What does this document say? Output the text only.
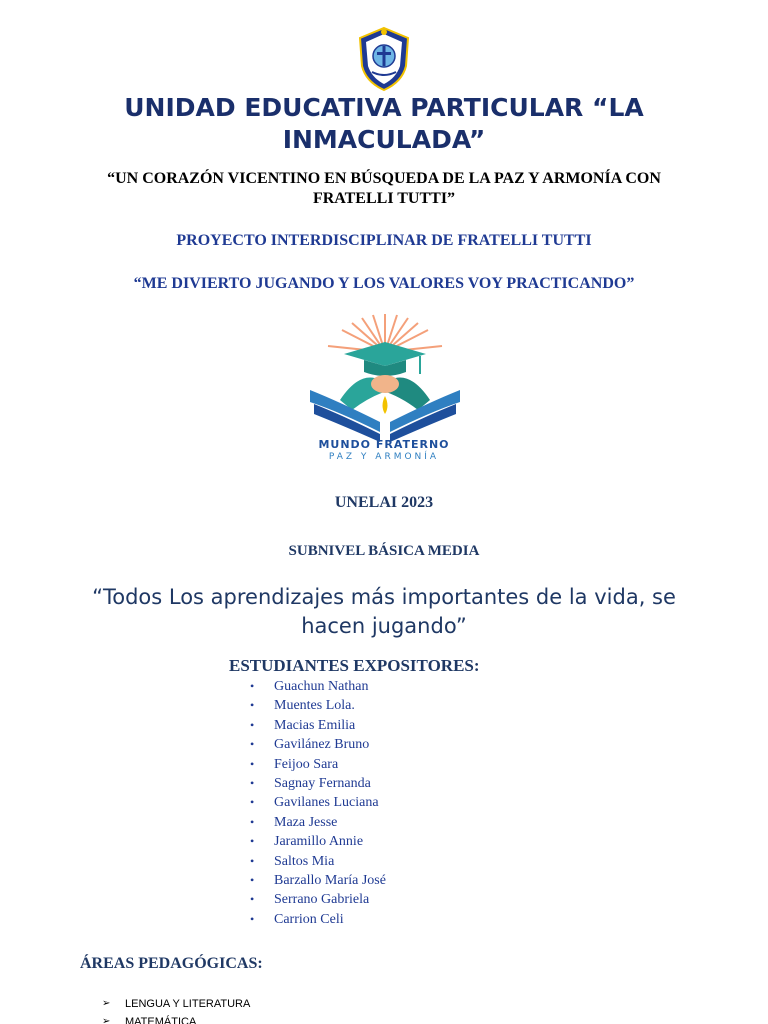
UNIDAD EDUCATIVA PARTICULAR “LA INMACULADA”
“UN CORAZÓN VICENTINO EN BÚSQUEDA DE LA PAZ Y ARMONÍA CON FRATELLI TUTTI”
PROYECTO INTERDISCIPLINAR DE FRATELLI TUTTI
“ME DIVIERTO JUGANDO Y LOS VALORES VOY PRACTICANDO”
MUNDO FRATERNO
PAZ Y ARMONÍA
UNELAI 2023
SUBNIVEL BÁSICA MEDIA
“Todos Los aprendizajes más importantes de la vida, se hacen jugando”
ESTUDIANTES EXPOSITORES:
• Guachun Nathan
• Muentes Lola.
• Macias Emilia
• Gavilánez Bruno
• Feijoo Sara
• Sagnay Fernanda
• Gavilanes Luciana
• Maza Jesse
• Jaramillo Annie
• Saltos Mia
• Barzallo María José
• Serrano Gabriela
• Carrion Celi
ÁREAS PEDAGÓGICAS:
➢ LENGUA Y LITERATURA
➢ MATEMÁTICA
